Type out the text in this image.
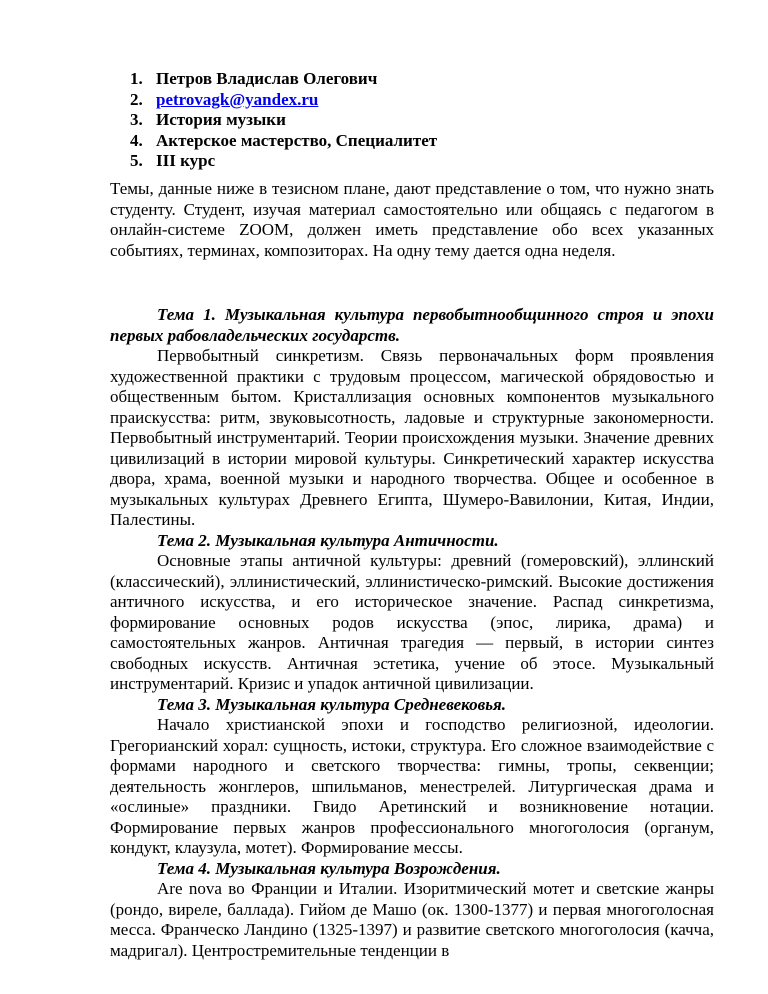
1. Петров Владислав Олегович
2. petrovagk@yandex.ru
3. История музыки
4. Актерское мастерство, Специалитет
5. III курс

Темы, данные ниже в тезисном плане, дают представление о том, что нужно знать студенту. Студент, изучая материал самостоятельно или общаясь с педагогом в онлайн-системе ZOOM, должен иметь представление обо всех указанных событиях, терминах, композиторах. На одну тему дается одна неделя.

Тема 1. Музыкальная культура первобытнообщинного строя и эпохи первых рабовладельческих государств.

Первобытный синкретизм. Связь первоначальных форм проявления художественной практики с трудовым процессом, магической обрядовостью и общественным бытом. Кристаллизация основных компонентов музыкального праискусства: ритм, звуковысотность, ладовые и структурные закономерности. Первобытный инструментарий. Теории происхождения музыки. Значение древних цивилизаций в истории мировой культуры. Синкретический характер искусства двора, храма, военной музыки и народного творчества. Общее и особенное в музыкальных культурах Древнего Египта, Шумеро-Вавилонии, Китая, Индии, Палестины.

Тема 2. Музыкальная культура Античности.

Основные этапы античной культуры: древний (гомеровский), эллинский (классический), эллинистический, эллинистическо-римский. Высокие достижения античного искусства, и его историческое значение. Распад синкретизма, формирование основных родов искусства (эпос, лирика, драма) и самостоятельных жанров. Античная трагедия — первый, в истории синтез свободных искусств. Античная эстетика, учение об этосе. Музыкальный инструментарий. Кризис и упадок античной цивилизации.

Тема 3. Музыкальная культура Средневековья.

Начало христианской эпохи и господство религиозной, идеологии. Грегорианский хорал: сущность, истоки, структура. Его сложное взаимодействие с формами народного и светского творчества: гимны, тропы, секвенции; деятельность жонглеров, шпильманов, менестрелей. Литургическая драма и «ослиные» праздники. Гвидо Аретинский и возникновение нотации. Формирование первых жанров профессионального многоголосия (органум, кондукт, клаузула, мотет). Формирование мессы.

Тема 4. Музыкальная культура Возрождения.

Are nova во Франции и Италии. Изоритмический мотет и светские жанры (рондо, виреле, баллада). Гийом де Машо (ок. 1300-1377) и первая многоголосная месса. Франческо Ландино (1325-1397) и развитие светского многоголосия (качча, мадригал). Центростремительные тенденции в
